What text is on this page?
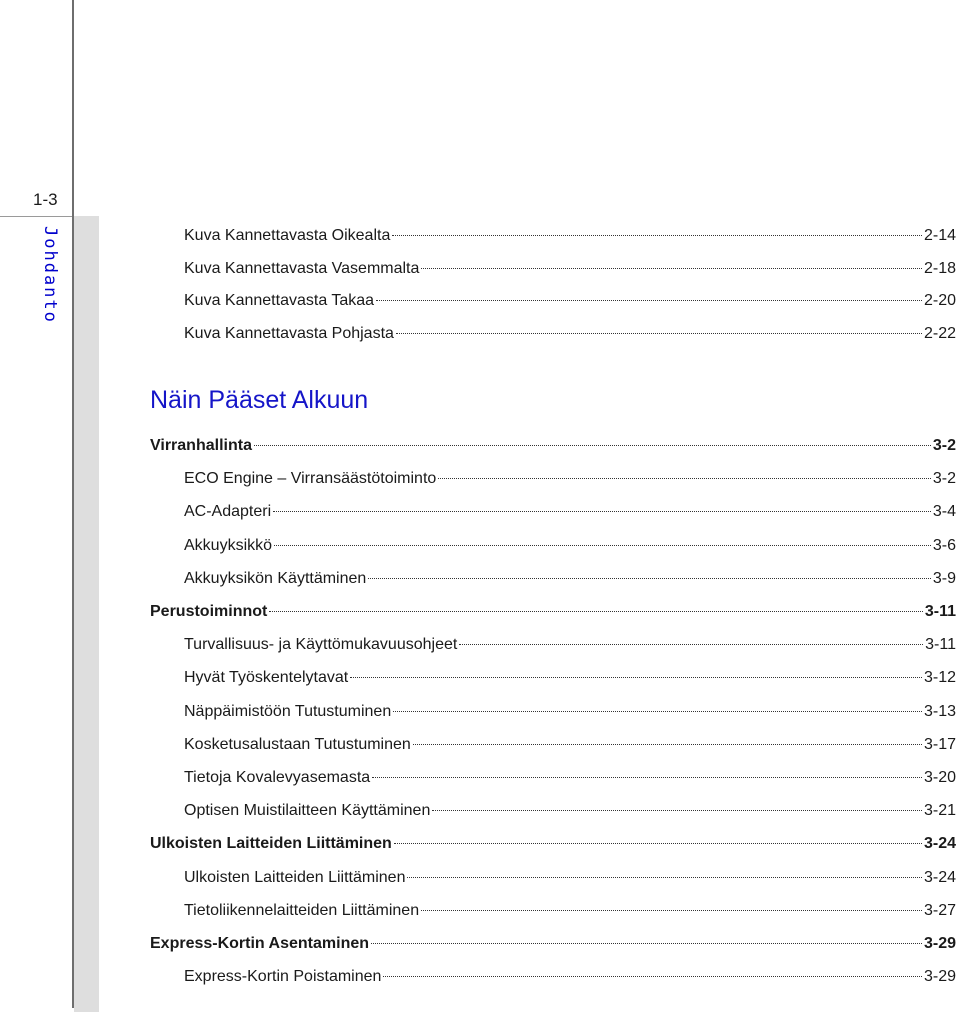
1-3
Johdanto	Kuva Kannettavasta Oikealta	2-14
Kuva Kannettavasta Vasemmalta	2-18
Kuva Kannettavasta Takaa	2-20
Kuva Kannettavasta Pohjasta	2-22
Näin Pääset Alkuun
Virranhallinta	3-2
ECO Engine – Virransäästötoiminto	3-2
AC-Adapteri	3-4
Akkuyksikkö	3-6
Akkuyksikön Käyttäminen	3-9
Perustoiminnot	3-11
Turvallisuus- ja Käyttömukavuusohjeet	3-11
Hyvät Työskentelytavat	3-12
Näppäimistöön Tutustuminen	3-13
Kosketusalustaan Tutustuminen	3-17
Tietoja Kovalevyasemasta	3-20
Optisen Muistilaitteen Käyttäminen	3-21
Ulkoisten Laitteiden Liittäminen	3-24
Ulkoisten Laitteiden Liittäminen	3-24
Tietoliikennelaitteiden Liittäminen	3-27
Express-Kortin Asentaminen	3-29
Express-Kortin Poistaminen	3-29
